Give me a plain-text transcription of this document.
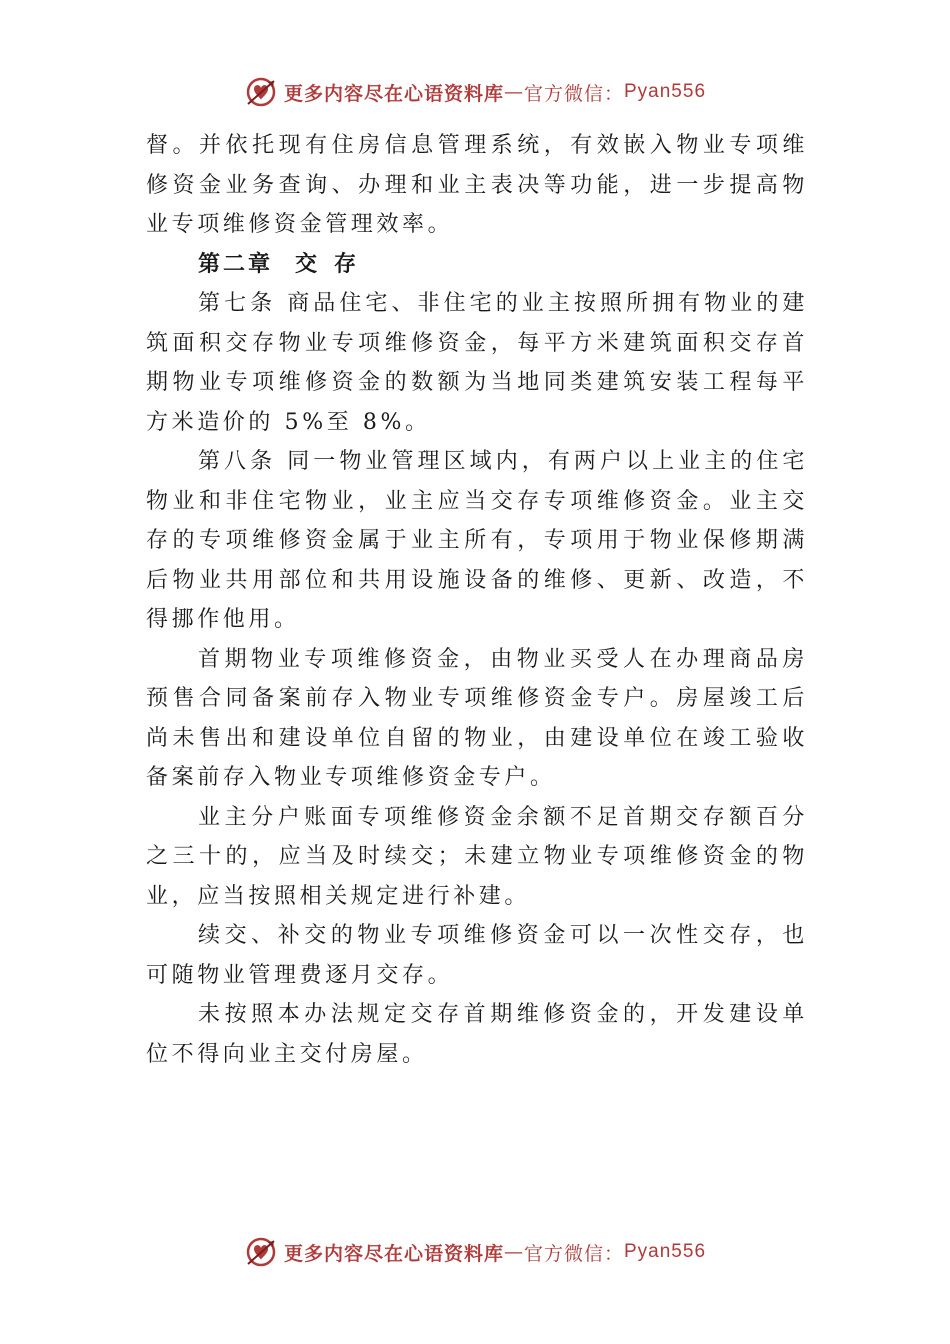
更多内容尽在心语资料库 — 官方微信： Pyan556

督。并依托现有住房信息管理系统，有效嵌入物业专项维修资金业务查询、办理和业主表决等功能，进一步提高物业专项维修资金管理效率。

第二章 交 存

第七条 商品住宅、非住宅的业主按照所拥有物业的建筑面积交存物业专项维修资金，每平方米建筑面积交存首期物业专项维修资金的数额为当地同类建筑安装工程每平方米造价的 5%至 8%。

第八条 同一物业管理区域内，有两户以上业主的住宅物业和非住宅物业，业主应当交存专项维修资金。业主交存的专项维修资金属于业主所有，专项用于物业保修期满后物业共用部位和共用设施设备的维修、更新、改造，不得挪作他用。

首期物业专项维修资金，由物业买受人在办理商品房预售合同备案前存入物业专项维修资金专户。房屋竣工后尚未售出和建设单位自留的物业，由建设单位在竣工验收备案前存入物业专项维修资金专户。

业主分户账面专项维修资金余额不足首期交存额百分之三十的，应当及时续交；未建立物业专项维修资金的物业，应当按照相关规定进行补建。

续交、补交的物业专项维修资金可以一次性交存，也可随物业管理费逐月交存。

未按照本办法规定交存首期维修资金的，开发建设单位不得向业主交付房屋。

更多内容尽在心语资料库 — 官方微信： Pyan556
